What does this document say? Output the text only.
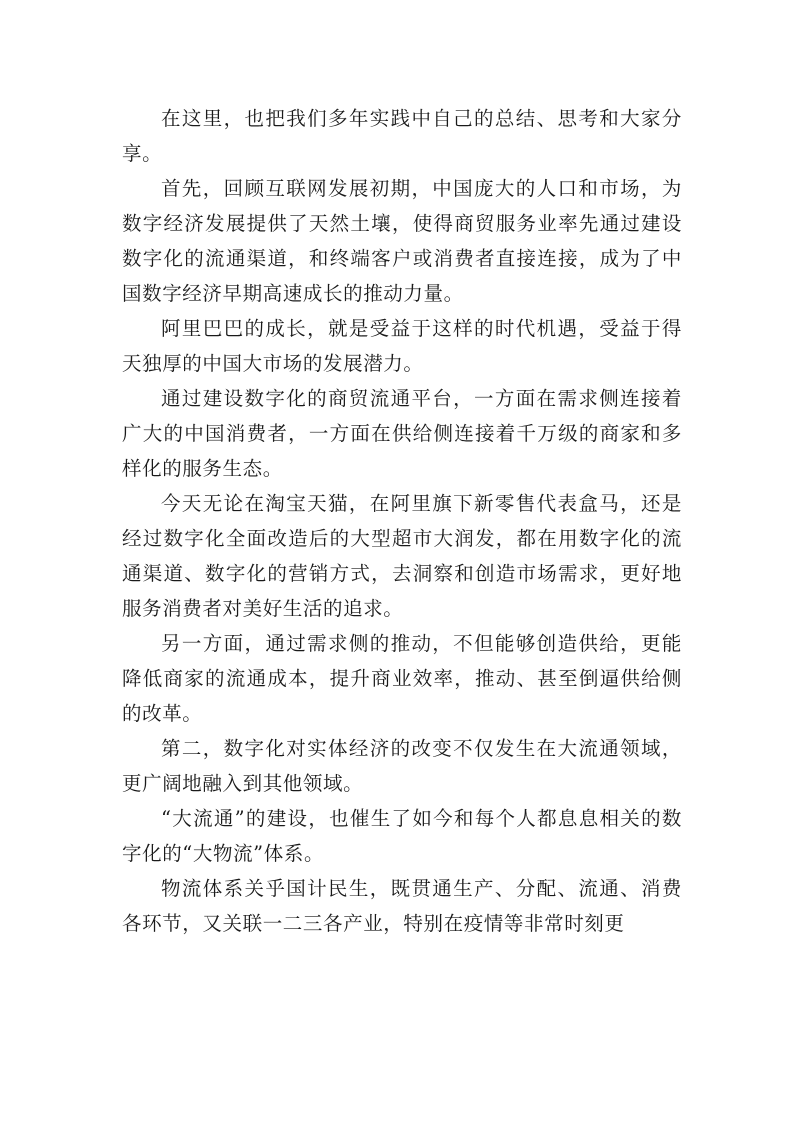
在这里，也把我们多年实践中自己的总结、思考和大家分享。

首先，回顾互联网发展初期，中国庞大的人口和市场，为数字经济发展提供了天然土壤，使得商贸服务业率先通过建设数字化的流通渠道，和终端客户或消费者直接连接，成为了中国数字经济早期高速成长的推动力量。

阿里巴巴的成长，就是受益于这样的时代机遇，受益于得天独厚的中国大市场的发展潜力。

通过建设数字化的商贸流通平台，一方面在需求侧连接着广大的中国消费者，一方面在供给侧连接着千万级的商家和多样化的服务生态。

今天无论在淘宝天猫，在阿里旗下新零售代表盒马，还是经过数字化全面改造后的大型超市大润发，都在用数字化的流通渠道、数字化的营销方式，去洞察和创造市场需求，更好地服务消费者对美好生活的追求。

另一方面，通过需求侧的推动，不但能够创造供给，更能降低商家的流通成本，提升商业效率，推动、甚至倒逼供给侧的改革。

第二，数字化对实体经济的改变不仅发生在大流通领域，更广阔地融入到其他领域。

“大流通”的建设，也催生了如今和每个人都息息相关的数字化的“大物流”体系。

物流体系关乎国计民生，既贯通生产、分配、流通、消费各环节，又关联一二三各产业，特别在疫情等非常时刻更
